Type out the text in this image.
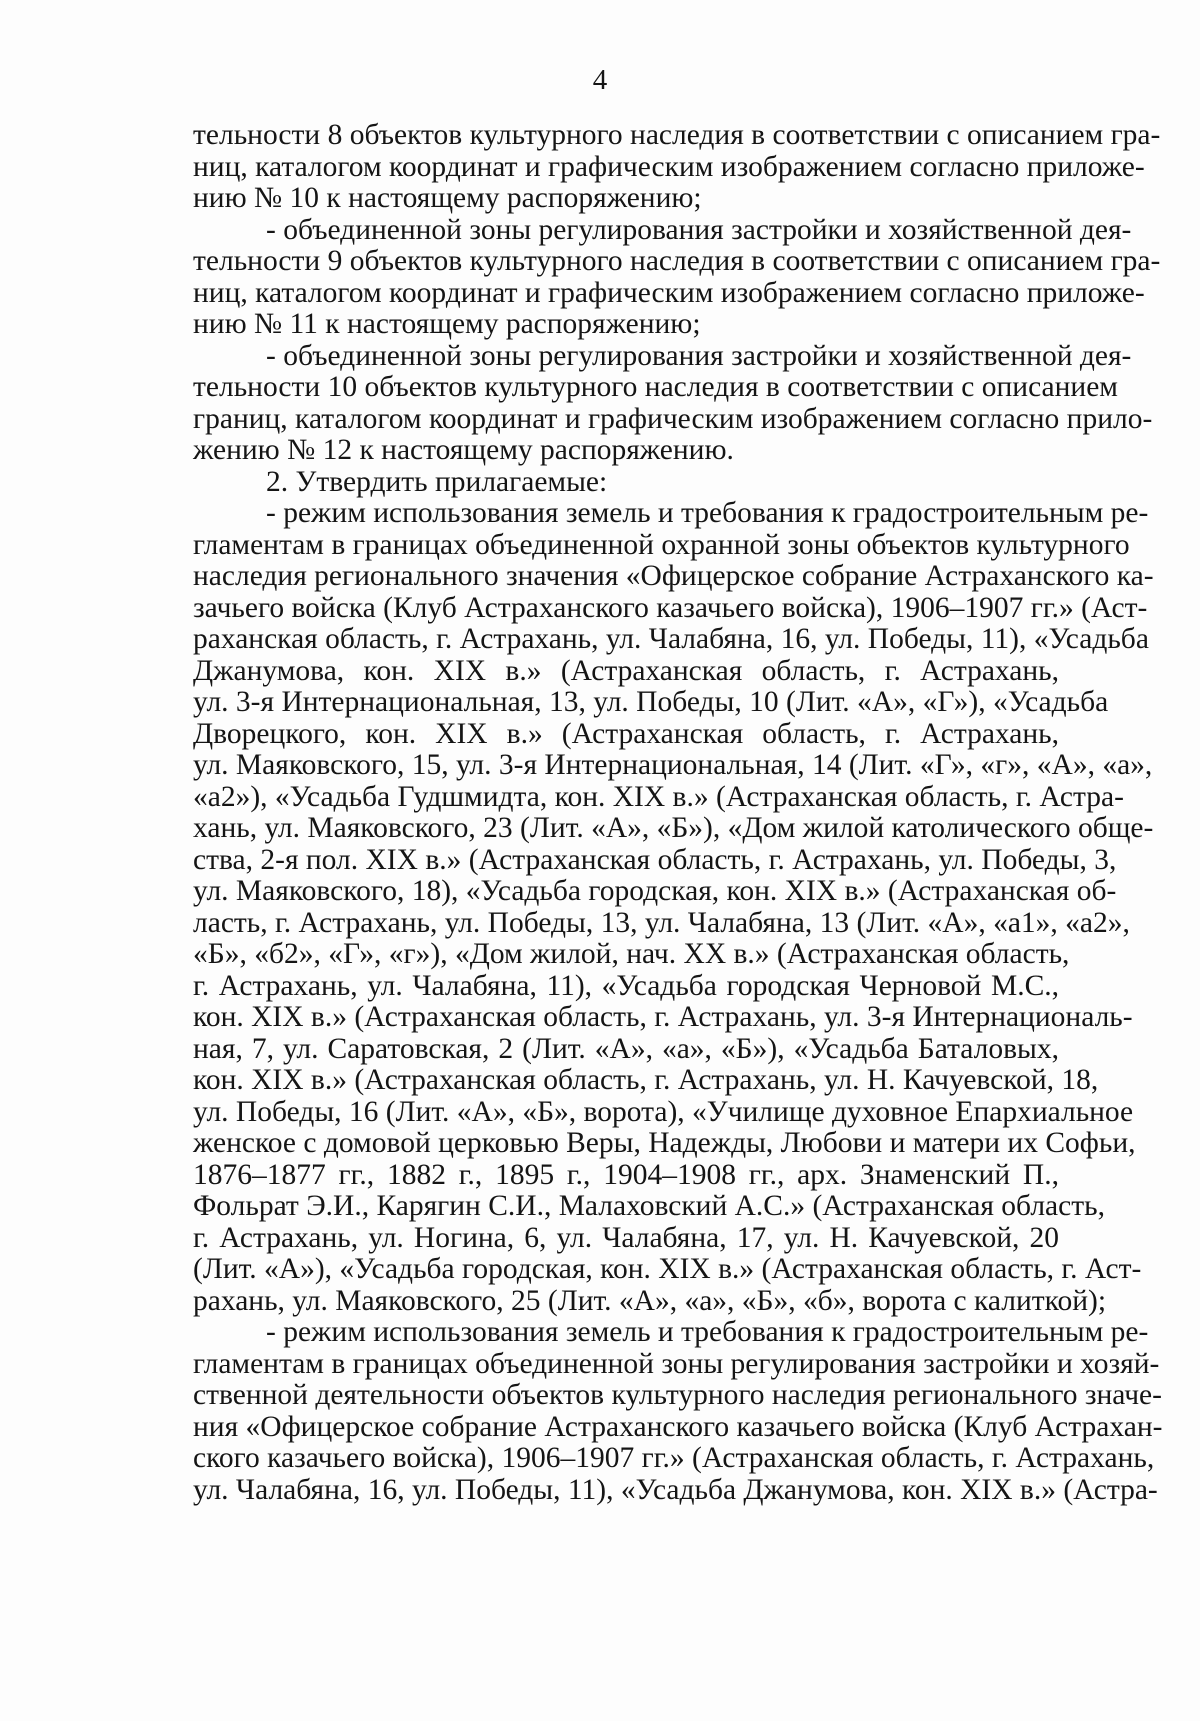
4
тельности 8 объектов культурного наследия в соответствии с описанием гра-
ниц, каталогом координат и графическим изображением согласно приложе-
нию № 10 к настоящему распоряжению;
- объединенной зоны регулирования застройки и хозяйственной дея-
тельности 9 объектов культурного наследия в соответствии с описанием гра-
ниц, каталогом координат и графическим изображением согласно приложе-
нию № 11 к настоящему распоряжению;
- объединенной зоны регулирования застройки и хозяйственной дея-
тельности 10 объектов культурного наследия в соответствии с описанием
границ, каталогом координат и графическим изображением согласно прило-
жению № 12 к настоящему распоряжению.
2. Утвердить прилагаемые:
- режим использования земель и требования к градостроительным ре-
гламентам в границах объединенной охранной зоны объектов культурного
наследия регионального значения «Офицерское собрание Астраханского ка-
зачьего войска (Клуб Астраханского казачьего войска), 1906–1907 гг.» (Аст-
раханская область, г. Астрахань, ул. Чалабяна, 16, ул. Победы, 11), «Усадьба
Джанумова, кон. XIX в.» (Астраханская область, г. Астрахань,
ул. 3-я Интернациональная, 13, ул. Победы, 10 (Лит. «А», «Г»), «Усадьба
Дворецкого, кон. XIX в.» (Астраханская область, г. Астрахань,
ул. Маяковского, 15, ул. 3-я Интернациональная, 14 (Лит. «Г», «г», «А», «а»,
«а2»), «Усадьба Гудшмидта, кон. XIX в.» (Астраханская область, г. Астра-
хань, ул. Маяковского, 23 (Лит. «А», «Б»), «Дом жилой католического обще-
ства, 2-я пол. XIX в.» (Астраханская область, г. Астрахань, ул. Победы, 3,
ул. Маяковского, 18), «Усадьба городская, кон. XIX в.» (Астраханская об-
ласть, г. Астрахань, ул. Победы, 13, ул. Чалабяна, 13 (Лит. «А», «а1», «а2»,
«Б», «б2», «Г», «г»), «Дом жилой, нач. XX в.» (Астраханская область,
г. Астрахань, ул. Чалабяна, 11), «Усадьба городская Черновой М.С.,
кон. XIX в.» (Астраханская область, г. Астрахань, ул. 3-я Интернациональ-
ная, 7, ул. Саратовская, 2 (Лит. «А», «а», «Б»), «Усадьба Баталовых,
кон. XIX в.» (Астраханская область, г. Астрахань, ул. Н. Качуевской, 18,
ул. Победы, 16 (Лит. «А», «Б», ворота), «Училище духовное Епархиальное
женское с домовой церковью Веры, Надежды, Любови и матери их Софьи,
1876–1877 гг., 1882 г., 1895 г., 1904–1908 гг., арх. Знаменский П.,
Фольрат Э.И., Карягин С.И., Малаховский А.С.» (Астраханская область,
г. Астрахань, ул. Ногина, 6, ул. Чалабяна, 17, ул. Н. Качуевской, 20
(Лит. «А»), «Усадьба городская, кон. XIX в.» (Астраханская область, г. Аст-
рахань, ул. Маяковского, 25 (Лит. «А», «а», «Б», «б», ворота с калиткой);
- режим использования земель и требования к градостроительным ре-
гламентам в границах объединенной зоны регулирования застройки и хозяй-
ственной деятельности объектов культурного наследия регионального значе-
ния «Офицерское собрание Астраханского казачьего войска (Клуб Астрахан-
ского казачьего войска), 1906–1907 гг.» (Астраханская область, г. Астрахань,
ул. Чалабяна, 16, ул. Победы, 11), «Усадьба Джанумова, кон. XIX в.» (Астра-
